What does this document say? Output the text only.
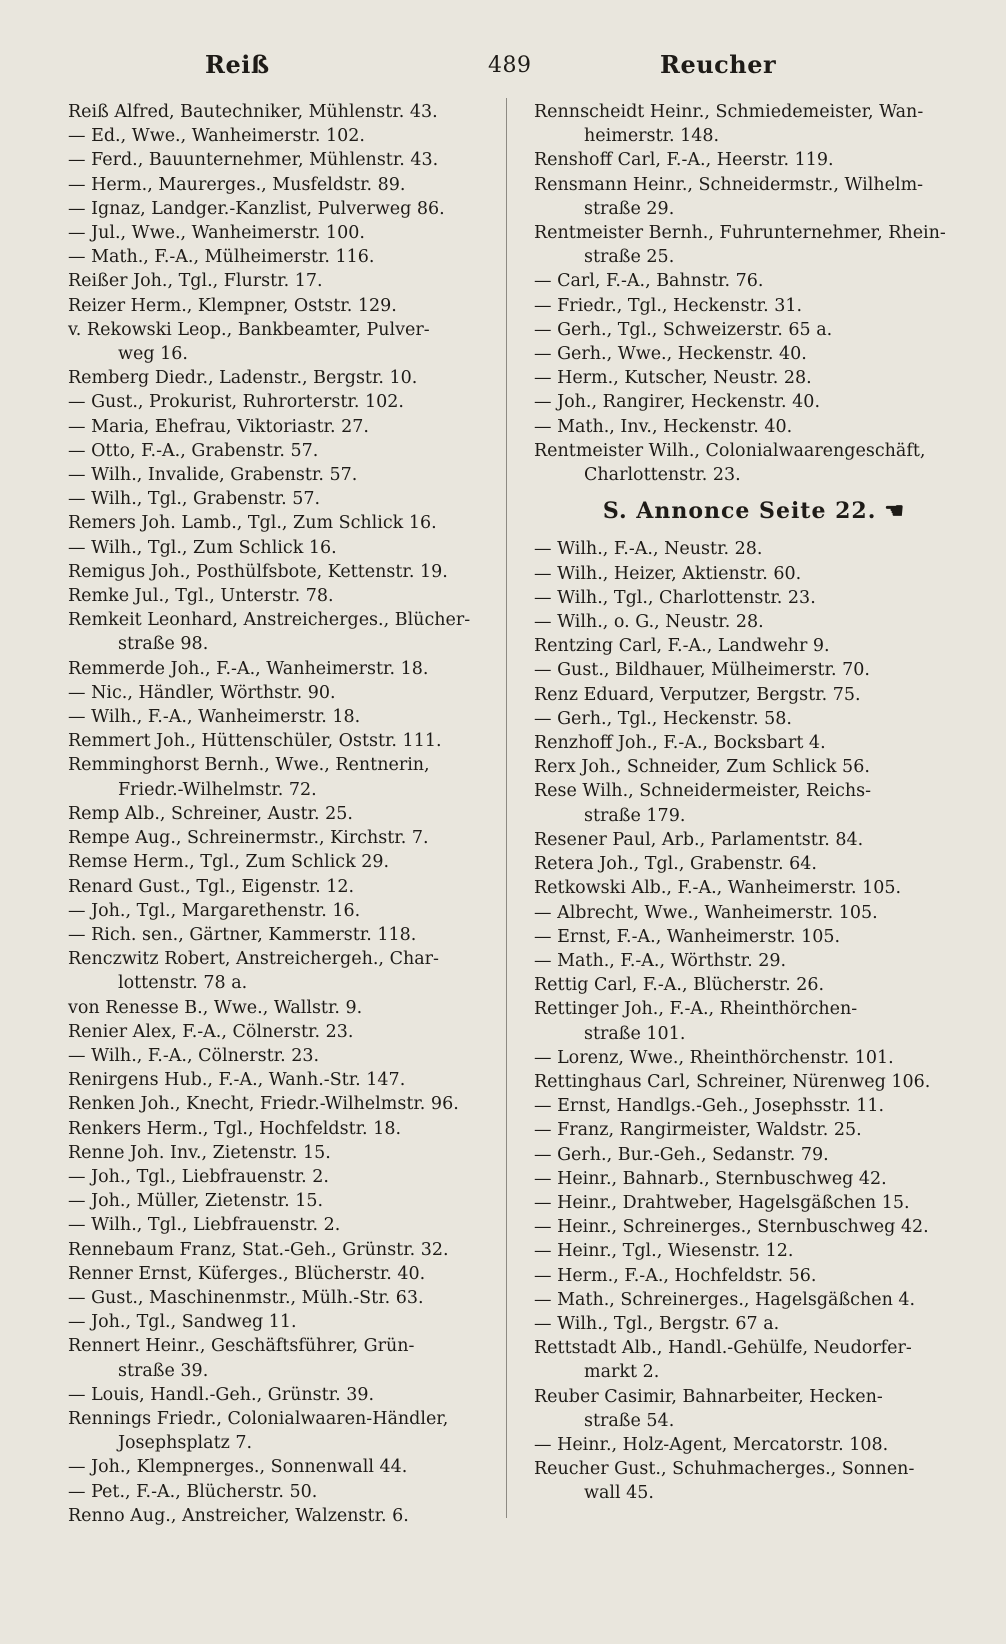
Reiß	489	Reucher
Reiß Alfred, Bautechniker, Mühlenstr. 43.
— Ed., Wwe., Wanheimerstr. 102.
— Ferd., Bauunternehmer, Mühlenstr. 43.
— Herm., Maurerges., Musfeldstr. 89.
— Ignaz, Landger.-Kanzlist, Pulverweg 86.
— Jul., Wwe., Wanheimerstr. 100.
— Math., F.-A., Mülheimerstr. 116.
Reißer Joh., Tgl., Flurstr. 17.
Reizer Herm., Klempner, Oststr. 129.
v. Rekowski Leop., Bankbeamter, Pulver-
weg 16.
Remberg Diedr., Ladenstr., Bergstr. 10.
— Gust., Prokurist, Ruhrorterstr. 102.
— Maria, Ehefrau, Viktoriastr. 27.
— Otto, F.-A., Grabenstr. 57.
— Wilh., Invalide, Grabenstr. 57.
— Wilh., Tgl., Grabenstr. 57.
Remers Joh. Lamb., Tgl., Zum Schlick 16.
— Wilh., Tgl., Zum Schlick 16.
Remigus Joh., Posthülfsbote, Kettenstr. 19.
Remke Jul., Tgl., Unterstr. 78.
Remkeit Leonhard, Anstreicherges., Blücher-
straße 98.
Remmerde Joh., F.-A., Wanheimerstr. 18.
— Nic., Händler, Wörthstr. 90.
— Wilh., F.-A., Wanheimerstr. 18.
Remmert Joh., Hüttenschüler, Oststr. 111.
Remminghorst Bernh., Wwe., Rentnerin,
Friedr.-Wilhelmstr. 72.
Remp Alb., Schreiner, Austr. 25.
Rempe Aug., Schreinermstr., Kirchstr. 7.
Remse Herm., Tgl., Zum Schlick 29.
Renard Gust., Tgl., Eigenstr. 12.
— Joh., Tgl., Margarethenstr. 16.
— Rich. sen., Gärtner, Kammerstr. 118.
Renczwitz Robert, Anstreichergeh., Char-
lottenstr. 78 a.
von Renesse B., Wwe., Wallstr. 9.
Renier Alex, F.-A., Cölnerstr. 23.
— Wilh., F.-A., Cölnerstr. 23.
Renirgens Hub., F.-A., Wanh.-Str. 147.
Renken Joh., Knecht, Friedr.-Wilhelmstr. 96.
Renkers Herm., Tgl., Hochfeldstr. 18.
Renne Joh. Inv., Zietenstr. 15.
— Joh., Tgl., Liebfrauenstr. 2.
— Joh., Müller, Zietenstr. 15.
— Wilh., Tgl., Liebfrauenstr. 2.
Rennebaum Franz, Stat.-Geh., Grünstr. 32.
Renner Ernst, Küferges., Blücherstr. 40.
— Gust., Maschinenmstr., Mülh.-Str. 63.
— Joh., Tgl., Sandweg 11.
Rennert Heinr., Geschäftsführer, Grün-
straße 39.
— Louis, Handl.-Geh., Grünstr. 39.
Rennings Friedr., Colonialwaaren-Händler,
Josephsplatz 7.
— Joh., Klempnerges., Sonnenwall 44.
— Pet., F.-A., Blücherstr. 50.
Renno Aug., Anstreicher, Walzenstr. 6.
Rennscheidt Heinr., Schmiedemeister, Wan-
heimerstr. 148.
Renshoff Carl, F.-A., Heerstr. 119.
Rensmann Heinr., Schneidermstr., Wilhelm-
straße 29.
Rentmeister Bernh., Fuhrunternehmer, Rhein-
straße 25.
— Carl, F.-A., Bahnstr. 76.
— Friedr., Tgl., Heckenstr. 31.
— Gerh., Tgl., Schweizerstr. 65 a.
— Gerh., Wwe., Heckenstr. 40.
— Herm., Kutscher, Neustr. 28.
— Joh., Rangirer, Heckenstr. 40.
— Math., Inv., Heckenstr. 40.
Rentmeister Wilh., Colonialwaarengeschäft,
Charlottenstr. 23.
S. Annonce Seite 22. ☚
— Wilh., F.-A., Neustr. 28.
— Wilh., Heizer, Aktienstr. 60.
— Wilh., Tgl., Charlottenstr. 23.
— Wilh., o. G., Neustr. 28.
Rentzing Carl, F.-A., Landwehr 9.
— Gust., Bildhauer, Mülheimerstr. 70.
Renz Eduard, Verputzer, Bergstr. 75.
— Gerh., Tgl., Heckenstr. 58.
Renzhoff Joh., F.-A., Bocksbart 4.
Rerx Joh., Schneider, Zum Schlick 56.
Rese Wilh., Schneidermeister, Reichs-
straße 179.
Resener Paul, Arb., Parlamentstr. 84.
Retera Joh., Tgl., Grabenstr. 64.
Retkowski Alb., F.-A., Wanheimerstr. 105.
— Albrecht, Wwe., Wanheimerstr. 105.
— Ernst, F.-A., Wanheimerstr. 105.
— Math., F.-A., Wörthstr. 29.
Rettig Carl, F.-A., Blücherstr. 26.
Rettinger Joh., F.-A., Rheinthörchen-
straße 101.
— Lorenz, Wwe., Rheinthörchenstr. 101.
Rettinghaus Carl, Schreiner, Nürenweg 106.
— Ernst, Handlgs.-Geh., Josephsstr. 11.
— Franz, Rangirmeister, Waldstr. 25.
— Gerh., Bur.-Geh., Sedanstr. 79.
— Heinr., Bahnarb., Sternbuschweg 42.
— Heinr., Drahtweber, Hagelsgäßchen 15.
— Heinr., Schreinerges., Sternbuschweg 42.
— Heinr., Tgl., Wiesenstr. 12.
— Herm., F.-A., Hochfeldstr. 56.
— Math., Schreinerges., Hagelsgäßchen 4.
— Wilh., Tgl., Bergstr. 67 a.
Rettstadt Alb., Handl.-Gehülfe, Neudorfer-
markt 2.
Reuber Casimir, Bahnarbeiter, Hecken-
straße 54.
— Heinr., Holz-Agent, Mercatorstr. 108.
Reucher Gust., Schuhmacherges., Sonnen-
wall 45.
